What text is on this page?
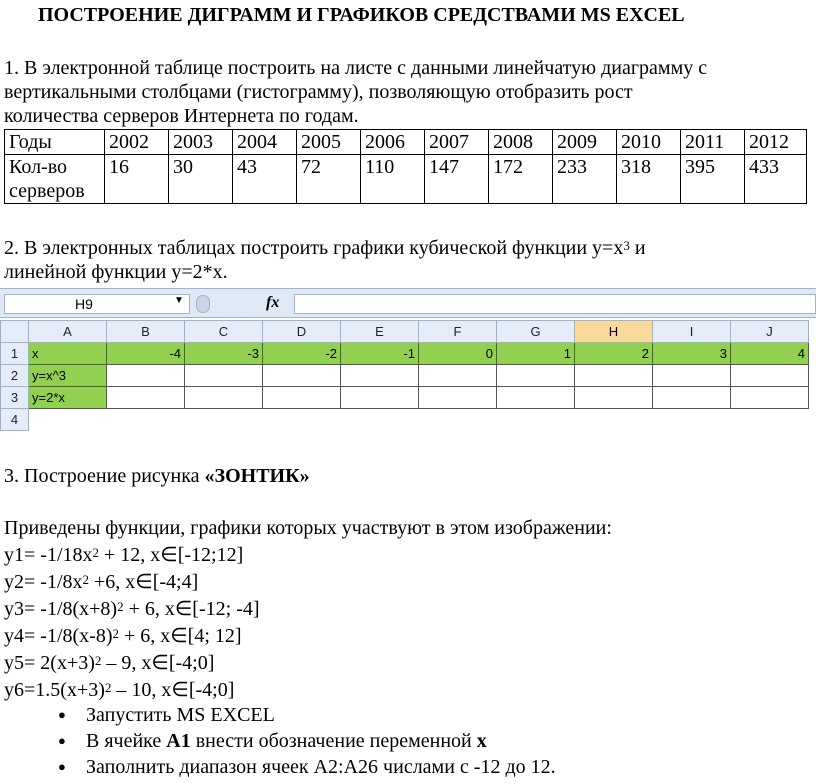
ПОСТРОЕНИЕ ДИГРАММ И ГРАФИКОВ СРЕДСТВАМИ MS EXCEL
1. В электронной таблице построить на листе с данными линейчатую диаграмму с
вертикальными столбцами (гистограмму), позволяющую отобразить рост
количества серверов Интернета по годам.
Годы	2002	2003	2004	2005	2006	2007	2008	2009	2010	2011	2012
Кол-во
серверов	16	30	43	72	110	147	172	233	318	395	433
2. В электронных таблицах построить графики кубической функции $y=x^3$ и
линейной функции y=2*x.
H9	▼	fx
	A	B	C	D	E	F	G	H	I	J
1	x	-4	-3	-2	-1	0	1	2	3	4
2	y=x^3									
3	y=2*x									
4										
3. Построение рисунка «ЗОНТИК»
Приведены функции, графики которых участвуют в этом изображении:
$y1= -1/18x^2 + 12$, x∈[-12;12]
$y2= -1/8x^2 +6$, x∈[-4;4]
$y3= -1/8(x+8)^2 + 6$, x∈[-12; -4]
$y4= -1/8(x-8)^2 + 6$, x∈[4; 12]
$y5= 2(x+3)^2 - 9$, x∈[-4;0]
$y6=1.5(x+3)^2 - 10$, x∈[-4;0]
● Запустить MS EXCEL
● В ячейке A1 внести обозначение переменной x
● Заполнить диапазон ячеек A2:A26 числами с -12 до 12.
